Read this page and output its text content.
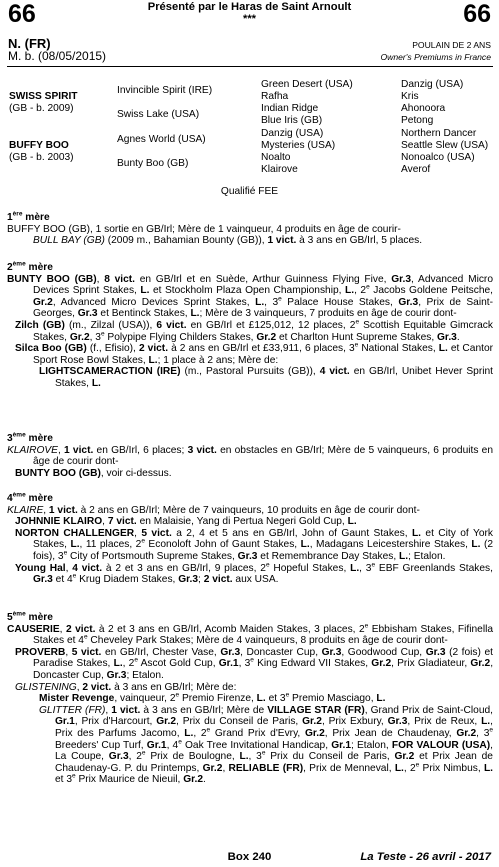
66	66
Présenté par le Haras de Saint Arnoult
***
N. (FR)
M. b. (08/05/2015)
POULAIN DE 2 ANS
Owner's Premiums in France
SWISS SPIRIT
(GB - b. 2009)
BUFFY BOO
(GB - b. 2003)
Invincible Spirit (IRE)
Swiss Lake (USA)
Agnes World (USA)
Bunty Boo (GB)
Green Desert (USA)
Rafha
Indian Ridge
Blue Iris (GB)
Danzig (USA)
Mysteries (USA)
Noalto
Klairove
Danzig (USA)
Kris
Ahonoora
Petong
Northern Dancer
Seattle Slew (USA)
Nonoalco (USA)
Averof
Qualifié FEE
1ère mère
BUFFY BOO (GB), 1 sortie en GB/Irl; Mère de 1 vainqueur, 4 produits en âge de courir-
BULL BAY (GB) (2009 m., Bahamian Bounty (GB)), 1 vict. à 3 ans en GB/Irl, 5 places.
2ème mère
BUNTY BOO (GB), 8 vict. en GB/Irl et en Suède, Arthur Guinness Flying Five, Gr.3, Advanced Micro Devices Sprint Stakes, L. et Stockholm Plaza Open Championship, L., 2e Jacobs Goldene Peitsche, Gr.2, Advanced Micro Devices Sprint Stakes, L., 3e Palace House Stakes, Gr.3, Prix de Saint-Georges, Gr.3 et Bentinck Stakes, L.; Mère de 3 vainqueurs, 7 produits en âge de courir dont-
Zilch (GB) (m., Zilzal (USA)), 6 vict. en GB/Irl et £125,012, 12 places, 2e Scottish Equitable Gimcrack Stakes, Gr.2, 3e Polypipe Flying Childers Stakes, Gr.2 et Charlton Hunt Supreme Stakes, Gr.3.
Silca Boo (GB) (f., Efisio), 2 vict. à 2 ans en GB/Irl et £33,911, 6 places, 3e National Stakes, L. et Cantor Sport Rose Bowl Stakes, L.; 1 place à 2 ans; Mère de:
LIGHTSCAMERACTION (IRE) (m., Pastoral Pursuits (GB)), 4 vict. en GB/Irl, Unibet Hever Sprint Stakes, L.
3ème mère
KLAIROVE, 1 vict. en GB/Irl, 6 places; 3 vict. en obstacles en GB/Irl; Mère de 5 vainqueurs, 6 produits en âge de courir dont-
BUNTY BOO (GB), voir ci-dessus.
4ème mère
KLAIRE, 1 vict. à 2 ans en GB/Irl; Mère de 7 vainqueurs, 10 produits en âge de courir dont-
JOHNNIE KLAIRO, 7 vict. en Malaisie, Yang di Pertua Negeri Gold Cup, L.
NORTON CHALLENGER, 5 vict. a 2, 4 et 5 ans en GB/Irl, John of Gaunt Stakes, L. et City of York Stakes, L., 11 places, 2e Econoloft John of Gaunt Stakes, L., Madagans Leicestershire Stakes, L. (2 fois), 3e City of Portsmouth Supreme Stakes, Gr.3 et Remembrance Day Stakes, L.; Etalon.
Young Hal, 4 vict. à 2 et 3 ans en GB/Irl, 9 places, 2e Hopeful Stakes, L., 3e EBF Greenlands Stakes, Gr.3 et 4e Krug Diadem Stakes, Gr.3; 2 vict. aux USA.
5ème mère
CAUSERIE, 2 vict. à 2 et 3 ans en GB/Irl, Acomb Maiden Stakes, 3 places, 2e Ebbisham Stakes, Fifinella Stakes et 4e Cheveley Park Stakes; Mère de 4 vainqueurs, 8 produits en âge de courir dont-
PROVERB, 5 vict. en GB/Irl, Chester Vase, Gr.3, Doncaster Cup, Gr.3, Goodwood Cup, Gr.3 (2 fois) et Paradise Stakes, L., 2e Ascot Gold Cup, Gr.1, 3e King Edward VII Stakes, Gr.2, Prix Gladiateur, Gr.2, Doncaster Cup, Gr.3; Etalon.
GLISTENING, 2 vict. à 3 ans en GB/Irl; Mère de:
Mister Revenge, vainqueur, 2e Premio Firenze, L. et 3e Premio Masciago, L.
GLITTER (FR), 1 vict. à 3 ans en GB/Irl; Mère de VILLAGE STAR (FR), Grand Prix de Saint-Cloud, Gr.1, Prix d'Harcourt, Gr.2, Prix du Conseil de Paris, Gr.2, Prix Exbury, Gr.3, Prix de Reux, L., Prix des Parfums Jacomo, L., 2e Grand Prix d'Evry, Gr.2, Prix Jean de Chaudenay, Gr.2, 3e Breeders' Cup Turf, Gr.1, 4e Oak Tree Invitational Handicap, Gr.1; Etalon, FOR VALOUR (USA), La Coupe, Gr.3, 2e Prix de Boulogne, L., 3e Prix du Conseil de Paris, Gr.2 et Prix Jean de Chaudenay-G. P. du Printemps, Gr.2, RELIABLE (FR), Prix de Menneval, L., 2e Prix Nimbus, L. et 3e Prix Maurice de Nieuil, Gr.2.
Box 240	La Teste - 26 avril - 2017
